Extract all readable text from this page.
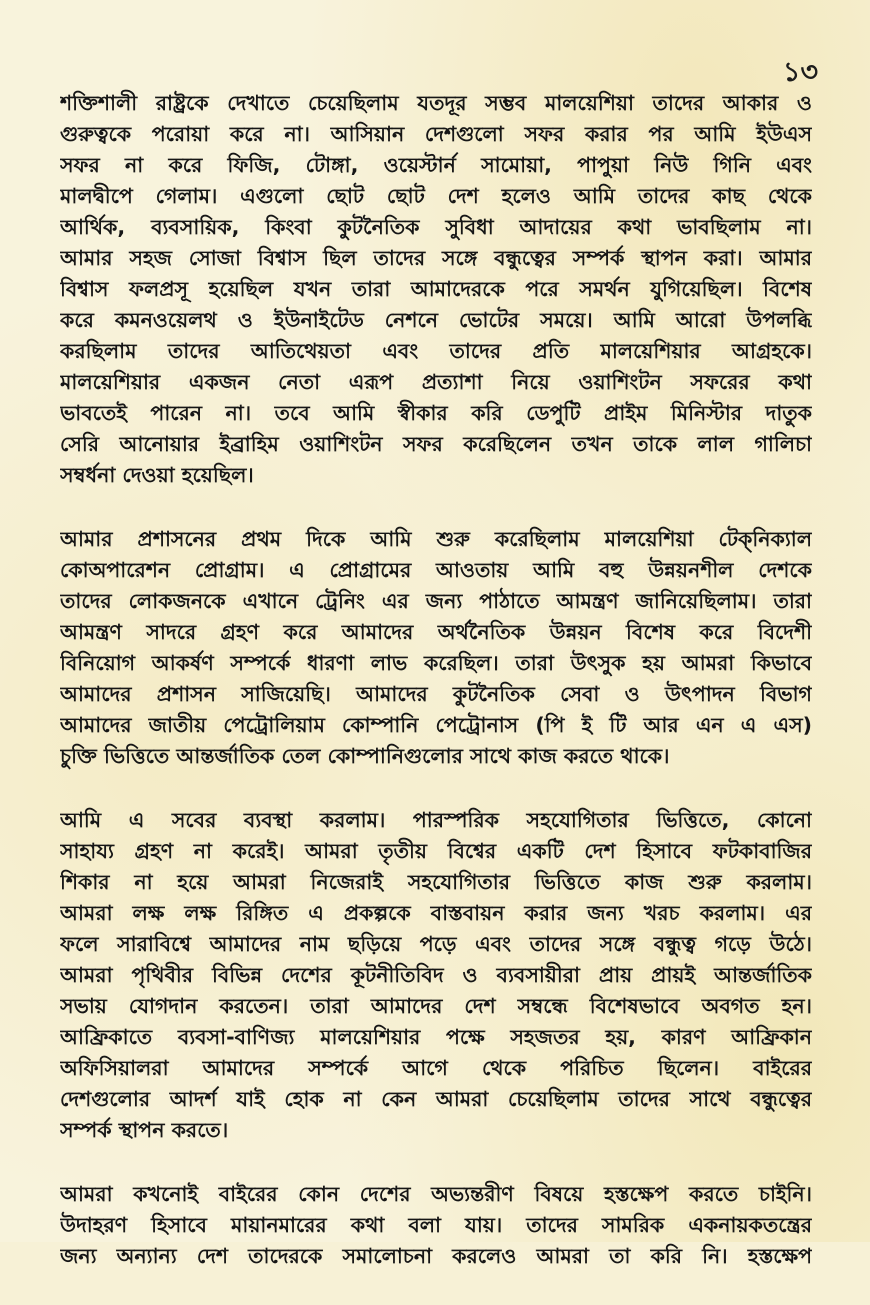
১৩
শক্তিশালী রাষ্ট্রকে দেখাতে চেয়েছিলাম যতদূর সম্ভব মালয়েশিয়া তাদের আকার ও
গুরুত্বকে পরোয়া করে না। আসিয়ান দেশগুলো সফর করার পর আমি ইউএস
সফর না করে ফিজি, টোঙ্গা, ওয়েস্টার্ন সামোয়া, পাপুয়া নিউ গিনি এবং
মালদ্বীপে গেলাম। এগুলো ছোট ছোট দেশ হলেও আমি তাদের কাছ থেকে
আর্থিক, ব্যবসায়িক, কিংবা কুটনৈতিক সুবিধা আদায়ের কথা ভাবছিলাম না।
আমার সহজ সোজা বিশ্বাস ছিল তাদের সঙ্গে বন্ধুত্বের সম্পর্ক স্থাপন করা। আমার
বিশ্বাস ফলপ্রসূ হয়েছিল যখন তারা আমাদেরকে পরে সমর্থন যুগিয়েছিল। বিশেষ
করে কমনওয়েলথ ও ইউনাইটেড নেশনে ভোটের সময়ে। আমি আরো উপলব্ধি
করছিলাম তাদের আতিথেয়তা এবং তাদের প্রতি মালয়েশিয়ার আগ্রহকে।
মালয়েশিয়ার একজন নেতা এরূপ প্রত্যাশা নিয়ে ওয়াশিংটন সফরের কথা
ভাবতেই পারেন না। তবে আমি স্বীকার করি ডেপুটি প্রাইম মিনিস্টার দাতুক
সেরি আনোয়ার ইব্রাহিম ওয়াশিংটন সফর করেছিলেন তখন তাকে লাল গালিচা
সম্বর্ধনা দেওয়া হয়েছিল।
আমার প্রশাসনের প্রথম দিকে আমি শুরু করেছিলাম মালয়েশিয়া টেক্‌নিক্যাল
কোঅপারেশন প্রোগ্রাম। এ প্রোগ্রামের আওতায় আমি বহু উন্নয়নশীল দেশকে
তাদের লোকজনকে এখানে ট্রেনিং এর জন্য পাঠাতে আমন্ত্রণ জানিয়েছিলাম। তারা
আমন্ত্রণ সাদরে গ্রহণ করে আমাদের অর্থনৈতিক উন্নয়ন বিশেষ করে বিদেশী
বিনিয়োগ আকর্ষণ সম্পর্কে ধারণা লাভ করেছিল। তারা উৎসুক হয় আমরা কিভাবে
আমাদের প্রশাসন সাজিয়েছি। আমাদের কুটনৈতিক সেবা ও উৎপাদন বিভাগ
আমাদের জাতীয় পেট্রোলিয়াম কোম্পানি পেট্রোনাস (পি ই টি আর এন এ এস)
চুক্তি ভিত্তিতে আন্তর্জাতিক তেল কোম্পানিগুলোর সাথে কাজ করতে থাকে।
আমি এ সবের ব্যবস্থা করলাম। পারস্পরিক সহযোগিতার ভিত্তিতে, কোনো
সাহায্য গ্রহণ না করেই। আমরা তৃতীয় বিশ্বের একটি দেশ হিসাবে ফটকাবাজির
শিকার না হয়ে আমরা নিজেরাই সহযোগিতার ভিত্তিতে কাজ শুরু করলাম।
আমরা লক্ষ লক্ষ রিঙ্গিত এ প্রকল্পকে বাস্তবায়ন করার জন্য খরচ করলাম। এর
ফলে সারাবিশ্বে আমাদের নাম ছড়িয়ে পড়ে এবং তাদের সঙ্গে বন্ধুত্ব গড়ে উঠে।
আমরা পৃথিবীর বিভিন্ন দেশের কূটনীতিবিদ ও ব্যবসায়ীরা প্রায় প্রায়ই আন্তর্জাতিক
সভায় যোগদান করতেন। তারা আমাদের দেশ সম্বন্ধে বিশেষভাবে অবগত হন।
আফ্রিকাতে ব্যবসা-বাণিজ্য মালয়েশিয়ার পক্ষে সহজতর হয়, কারণ আফ্রিকান
অফিসিয়ালরা আমাদের সম্পর্কে আগে থেকে পরিচিত ছিলেন। বাইরের
দেশগুলোর আদর্শ যাই হোক না কেন আমরা চেয়েছিলাম তাদের সাথে বন্ধুত্বের
সম্পর্ক স্থাপন করতে।
আমরা কখনোই বাইরের কোন দেশের অভ্যন্তরীণ বিষয়ে হস্তক্ষেপ করতে চাইনি।
উদাহরণ হিসাবে মায়ানমারের কথা বলা যায়। তাদের সামরিক একনায়কতন্ত্রের
জন্য অন্যান্য দেশ তাদেরকে সমালোচনা করলেও আমরা তা করি নি। হস্তক্ষেপ
